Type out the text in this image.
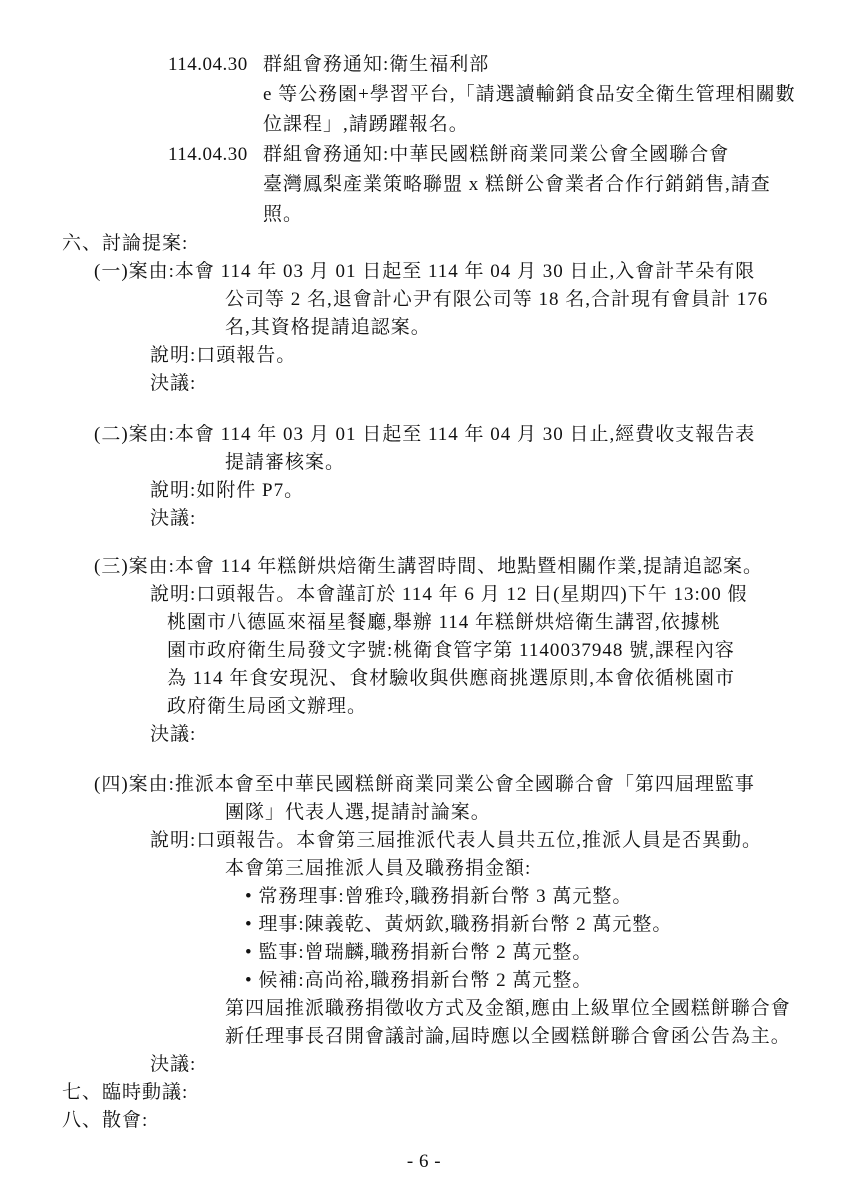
114.04.30 群組會務通知:衛生福利部
e 等公務園+學習平台,「請選讀輸銷食品安全衛生管理相關數
位課程」,請踴躍報名。
114.04.30 群組會務通知:中華民國糕餅商業同業公會全國聯合會
臺灣鳳梨產業策略聯盟 x 糕餅公會業者合作行銷銷售,請查
照。
六、討論提案:
(一)案由:本會 114 年 03 月 01 日起至 114 年 04 月 30 日止,入會計芊朵有限
公司等 2 名,退會計心尹有限公司等 18 名,合計現有會員計 176
名,其資格提請追認案。
說明:口頭報告。
決議:
(二)案由:本會 114 年 03 月 01 日起至 114 年 04 月 30 日止,經費收支報告表
提請審核案。
說明:如附件 P7。
決議:
(三)案由:本會 114 年糕餅烘焙衛生講習時間、地點暨相關作業,提請追認案。
說明:口頭報告。本會謹訂於 114 年 6 月 12 日(星期四)下午 13:00 假
桃園市八德區來福星餐廳,舉辦 114 年糕餅烘焙衛生講習,依據桃
園市政府衛生局發文字號:桃衛食管字第 1140037948 號,課程內容
為 114 年食安現況、食材驗收與供應商挑選原則,本會依循桃園市
政府衛生局函文辦理。
決議:
(四)案由:推派本會至中華民國糕餅商業同業公會全國聯合會「第四屆理監事
團隊」代表人選,提請討論案。
說明:口頭報告。本會第三屆推派代表人員共五位,推派人員是否異動。
本會第三屆推派人員及職務捐金額:
• 常務理事:曾雅玲,職務捐新台幣 3 萬元整。
• 理事:陳義乾、黃炳欽,職務捐新台幣 2 萬元整。
• 監事:曾瑞麟,職務捐新台幣 2 萬元整。
• 候補:高尚裕,職務捐新台幣 2 萬元整。
第四屆推派職務捐徵收方式及金額,應由上級單位全國糕餅聯合會
新任理事長召開會議討論,屆時應以全國糕餅聯合會函公告為主。
決議:
七、臨時動議:
八、散會:
- 6 -
